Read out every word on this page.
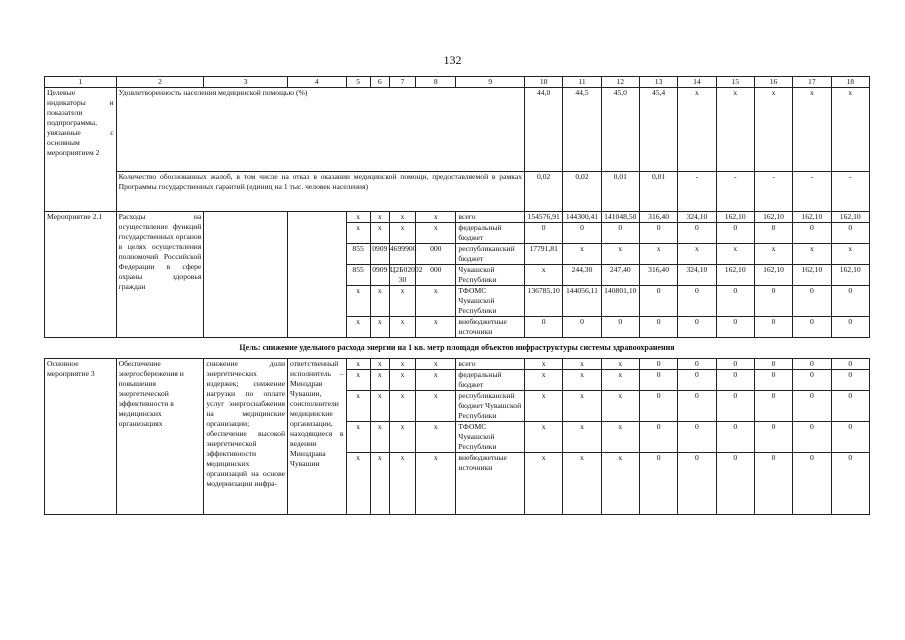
132
1	2	3	4	5	6	7	8	9	10	11	12	13	14	15	16	17	18
Целевые индикаторы и показатели подпрограммы, увязанные с основным мероприятием 2	Удовлетворенность населения медицинской помощью (%)								44,0	44,5	45,0	45,4	x	x	x	x	x
	Количество обоснованных жалоб, в том числе на отказ в оказании медицинской помощи, предоставляемой в рамках Программы государственных гарантий (единиц на 1 тыс. человек населения)								0,02	0,02	0,01	0,01	-	-	-	-	-
Мероприятие 2.1	Расходы на осуществление функций государственных органов в целях осуществления полномочий Российской Федерации в сфере охраны здоровья граждан			x	x	x	x	всего	154576,91	144300,41	141048,50	316,40	324,10	162,10	162,10	162,10	162,10
				x	x	x	x	федеральный бюджет	0	0	0	0	0	0	0	0	0
				855	0909	4699900	000	республиканский бюджет	17791,81	x	x	x	x	x	x	x	x
				855	0909	Ц2Б02002 30	000	Чувашской Республики	x	244,30	247,40	316,40	324,10	162,10	162,10	162,10	162,10
				x	x	x	x	ТФОМС Чувашской Республики	136785,10	144056,11	140801,10	0	0	0	0	0	0
				x	x	x	x	внебюджетные источники	0	0	0	0	0	0	0	0	0
Цель: снижение удельного расхода энергии на 1 кв. метр площади объектов инфраструктуры системы здравоохранения																	
Основное мероприятие 3	Обеспечение энергосбережения и повышения энергетической эффективности в медицинских организациях	снижение доли энергетических издержек; снижение нагрузки по оплате услуг энергоснабжения на медицинские организации; обеспечение высокой энергетической эффективности медицинских организаций на основе модернизации инфра-	ответственный исполнитель – Минздрав Чувашии, соисполнители медицинские организации, находящиеся в ведении Минздрава Чувашии	x	x	x	x	всего	x	x	x	0	0	0	0	0	0
				x	x	x	x	федеральный бюджет	x	x	x	0	0	0	0	0	0
				x	x	x	x	республиканский бюджет Чувашской Республики	x	x	x	0	0	0	0	0	0
				x	x	x	x	ТФОМС Чувашской Республики	x	x	x	0	0	0	0	0	0
				x	x	x	x	внебюджетные источники	x	x	x	0	0	0	0	0	0
